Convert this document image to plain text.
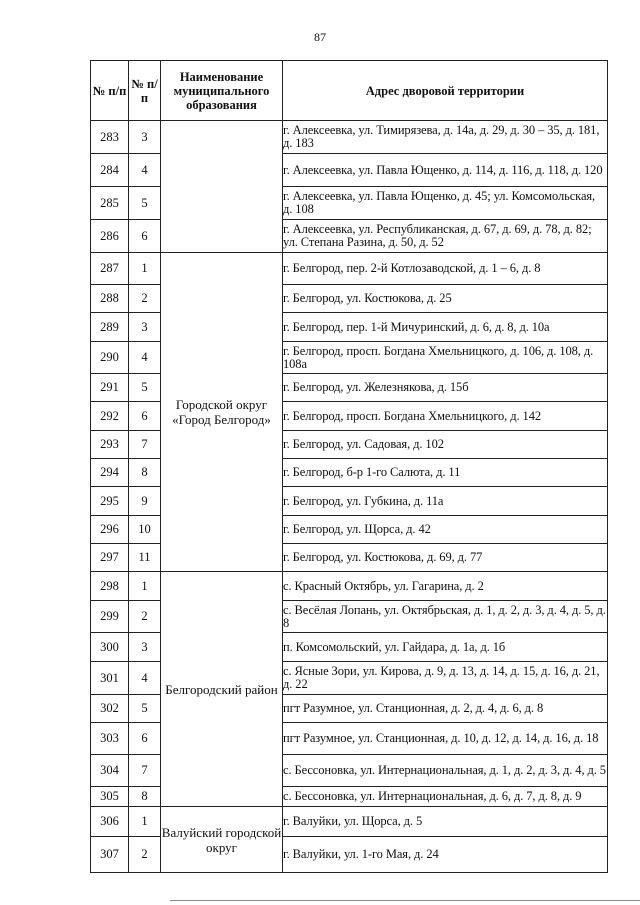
87
№ п/п	№ п/п	Наименование муниципального образования	Адрес дворовой территории
283	3		г. Алексеевка, ул. Тимирязева, д. 14а, д. 29, д. 30 – 35, д. 181, д. 183
284	4		г. Алексеевка, ул. Павла Ющенко, д. 114, д. 116, д. 118, д. 120
285	5		г. Алексеевка, ул. Павла Ющенко, д. 45; ул. Комсомольская, д. 108
286	6		г. Алексеевка, ул. Республиканская, д. 67, д. 69, д. 78, д. 82; ул. Степана Разина, д. 50, д. 52
287	1	Городской округ «Город Белгород»	г. Белгород, пер. 2-й Котлозаводской, д. 1 – 6, д. 8
288	2		г. Белгород, ул. Костюкова, д. 25
289	3		г. Белгород, пер. 1-й Мичуринский, д. 6, д. 8, д. 10а
290	4		г. Белгород, просп. Богдана Хмельницкого, д. 106, д. 108, д. 108а
291	5		г. Белгород, ул. Железнякова, д. 15б
292	6		г. Белгород, просп. Богдана Хмельницкого, д. 142
293	7		г. Белгород, ул. Садовая, д. 102
294	8		г. Белгород, б-р 1-го Салюта, д. 11
295	9		г. Белгород, ул. Губкина, д. 11а
296	10		г. Белгород, ул. Щорса, д. 42
297	11		г. Белгород, ул. Костюкова, д. 69, д. 77
298	1	Белгородский район	с. Красный Октябрь, ул. Гагарина, д. 2
299	2		с. Весёлая Лопань, ул. Октябрьская, д. 1, д. 2, д. 3, д. 4, д. 5, д. 8
300	3		п. Комсомольский, ул. Гайдара, д. 1а, д. 1б
301	4		с. Ясные Зори, ул. Кирова, д. 9, д. 13, д. 14, д. 15, д. 16, д. 21, д. 22
302	5		пгт Разумное, ул. Станционная, д. 2, д. 4, д. 6, д. 8
303	6		пгт Разумное, ул. Станционная, д. 10, д. 12, д. 14, д. 16, д. 18
304	7		с. Бессоновка, ул. Интернациональная, д. 1, д. 2, д. 3, д. 4, д. 5
305	8		с. Бессоновка, ул. Интернациональная, д. 6, д. 7, д. 8, д. 9
306	1	Валуйский городской округ	г. Валуйки, ул. Щорса, д. 5
307	2		г. Валуйки, ул. 1-го Мая, д. 24
